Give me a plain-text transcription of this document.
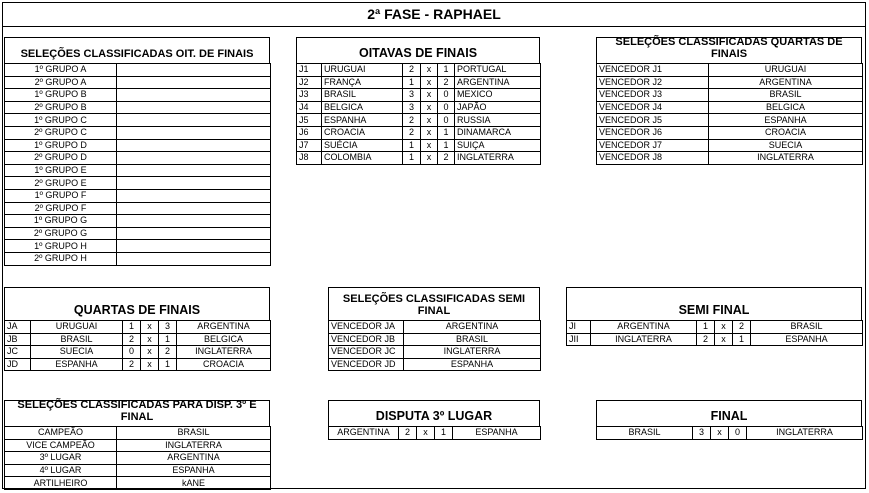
2ª FASE - RAPHAEL
SELEÇÕES CLASSIFICADAS OIT. DE FINAIS
1º GRUPO A	
2º GRUPO A	
1º GRUPO B	
2º GRUPO B	
1º GRUPO C	
2º GRUPO C	
1º GRUPO D	
2º GRUPO D	
1º GRUPO E	
2º GRUPO E	
1º GRUPO F	
2º GRUPO F	
1º GRUPO G	
2º GRUPO G	
1º GRUPO H	
2º GRUPO H	
OITAVAS DE FINAIS
J1	URUGUAI	2	x	1	PORTUGAL
J2	FRANÇA	1	x	2	ARGENTINA
J3	BRASIL	3	x	0	MEXICO
J4	BELGICA	3	x	0	JAPÃO
J5	ESPANHA	2	x	0	RUSSIA
J6	CROACIA	2	x	1	DINAMARCA
J7	SUÉCIA	1	x	1	SUIÇA
J8	COLOMBIA	1	x	2	INGLATERRA
SELEÇÕES CLASSIFICADAS QUARTAS DE FINAIS
VENCEDOR J1	URUGUAI
VENCEDOR J2	ARGENTINA
VENCEDOR J3	BRASIL
VENCEDOR J4	BELGICA
VENCEDOR J5	ESPANHA
VENCEDOR J6	CROACIA
VENCEDOR J7	SUECIA
VENCEDOR J8	INGLATERRA
QUARTAS DE FINAIS
JA	URUGUAI	1	x	3	ARGENTINA
JB	BRASIL	2	x	1	BELGICA
JC	SUECIA	0	x	2	INGLATERRA
JD	ESPANHA	2	x	1	CROACIA
SELEÇÕES CLASSIFICADAS SEMI FINAL
VENCEDOR JA	ARGENTINA
VENCEDOR JB	BRASIL
VENCEDOR JC	INGLATERRA
VENCEDOR JD	ESPANHA
SEMI FINAL
JI	ARGENTINA	1	x	2	BRASIL
JII	INGLATERRA	2	x	1	ESPANHA
SELEÇÕES CLASSIFICADAS PARA DISP. 3º E FINAL
CAMPEÃO	BRASIL
VICE CAMPEÃO	INGLATERRA
3º LUGAR	ARGENTINA
4º LUGAR	ESPANHA
ARTILHEIRO	kANE
DISPUTA 3º LUGAR
ARGENTINA	2	x	1	ESPANHA
FINAL
BRASIL	3	x	0	INGLATERRA
